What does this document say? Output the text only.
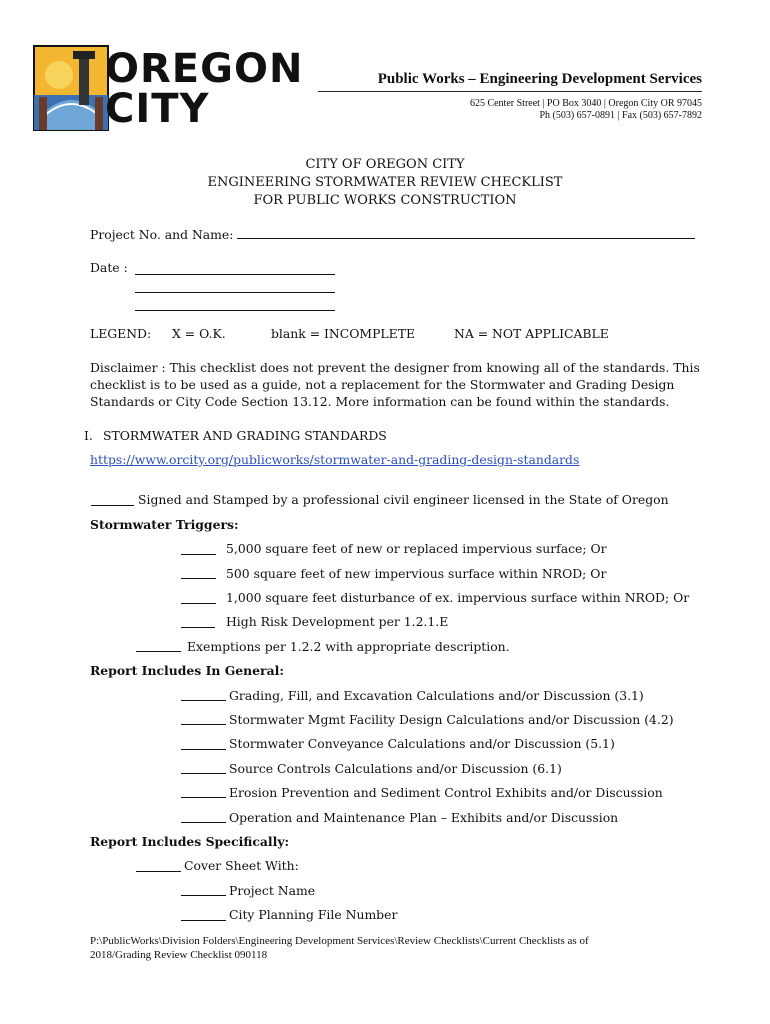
OREGON
CITY
Public Works – Engineering Development Services
625 Center Street | PO Box 3040 | Oregon City OR 97045
Ph (503) 657-0891 | Fax (503) 657-7892
CITY OF OREGON CITY
ENGINEERING STORMWATER REVIEW CHECKLIST
FOR PUBLIC WORKS CONSTRUCTION
Project No. and Name:
Date :
LEGEND: X = O.K.	blank = INCOMPLETE	NA = NOT APPLICABLE
Disclaimer : This checklist does not prevent the designer from knowing all of the standards. This
checklist is to be used as a guide, not a replacement for the Stormwater and Grading Design
Standards or City Code Section 13.12. More information can be found within the standards.
I. STORMWATER AND GRADING STANDARDS
https://www.orcity.org/publicworks/stormwater-and-grading-design-standards
Signed and Stamped by a professional civil engineer licensed in the State of Oregon
Stormwater Triggers:
5,000 square feet of new or replaced impervious surface; Or
500 square feet of new impervious surface within NROD; Or
1,000 square feet disturbance of ex. impervious surface within NROD; Or
High Risk Development per 1.2.1.E
Exemptions per 1.2.2 with appropriate description.
Report Includes In General:
Grading, Fill, and Excavation Calculations and/or Discussion (3.1)
Stormwater Mgmt Facility Design Calculations and/or Discussion (4.2)
Stormwater Conveyance Calculations and/or Discussion (5.1)
Source Controls Calculations and/or Discussion (6.1)
Erosion Prevention and Sediment Control Exhibits and/or Discussion
Operation and Maintenance Plan – Exhibits and/or Discussion
Report Includes Specifically:
Cover Sheet With:
Project Name
City Planning File Number
P:\PublicWorks\Division Folders\Engineering Development Services\Review Checklists\Current Checklists as of
2018/Grading Review Checklist 090118
